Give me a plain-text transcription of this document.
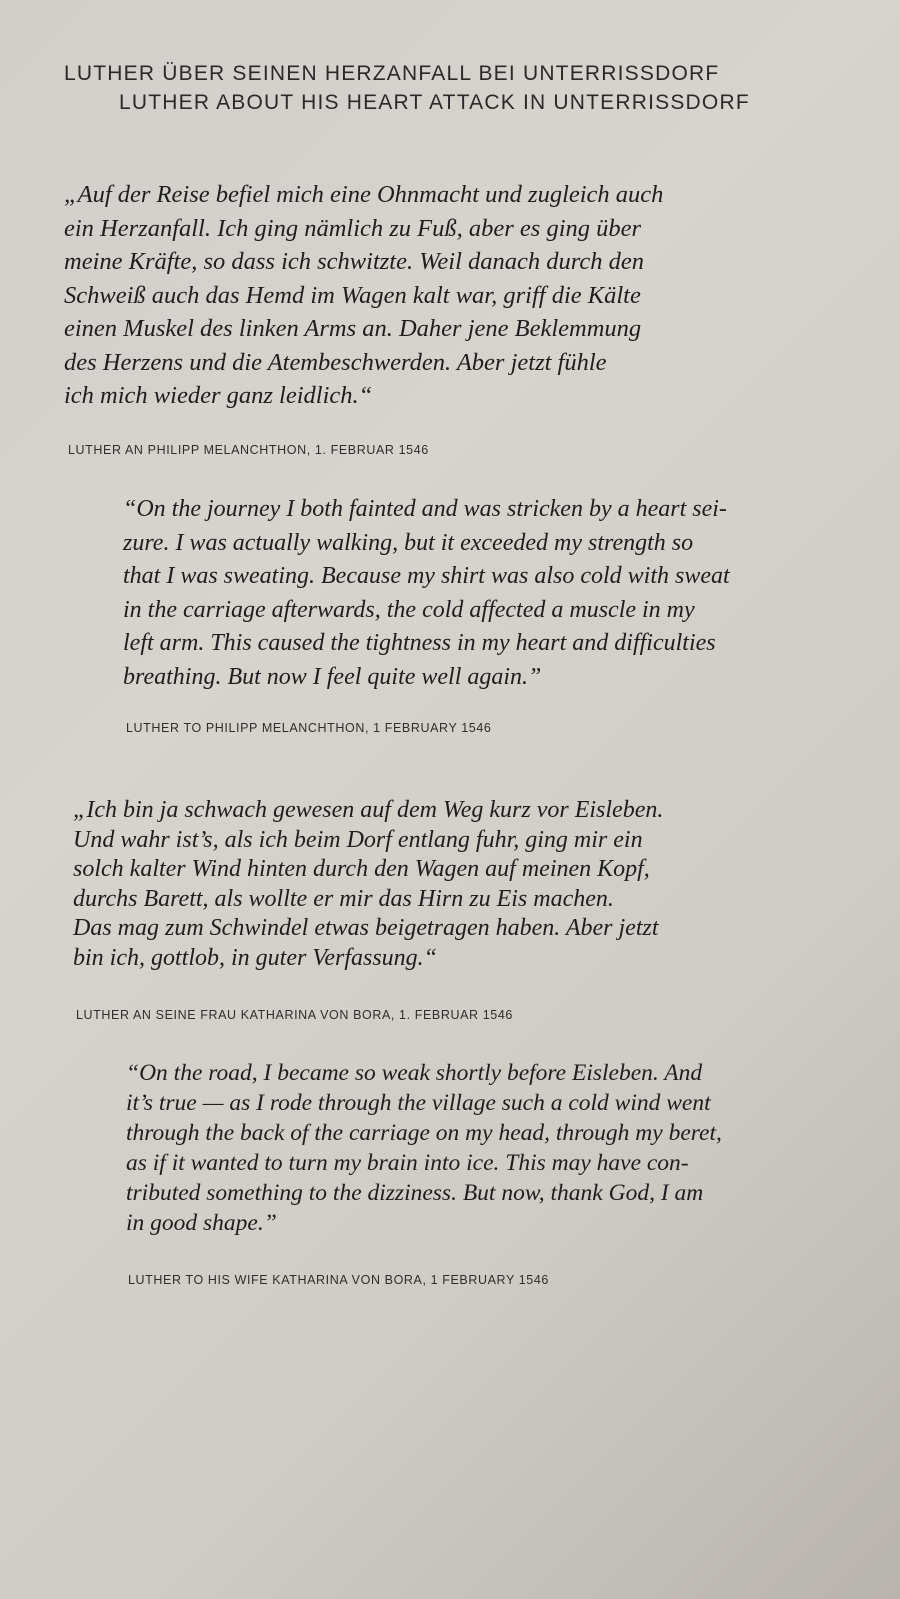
LUTHER ÜBER SEINEN HERZANFALL BEI UNTERRISSDORF
LUTHER ABOUT HIS HEART ATTACK IN UNTERRISSDORF
„Auf der Reise befiel mich eine Ohnmacht und zugleich auch
ein Herzanfall. Ich ging nämlich zu Fuß, aber es ging über
meine Kräfte, so dass ich schwitzte. Weil danach durch den
Schweiß auch das Hemd im Wagen kalt war, griff die Kälte
einen Muskel des linken Arms an. Daher jene Beklemmung
des Herzens und die Atembeschwerden. Aber jetzt fühle
ich mich wieder ganz leidlich.“
LUTHER AN PHILIPP MELANCHTHON, 1. FEBRUAR 1546
“On the journey I both fainted and was stricken by a heart sei-
zure. I was actually walking, but it exceeded my strength so
that I was sweating. Because my shirt was also cold with sweat
in the carriage afterwards, the cold affected a muscle in my
left arm. This caused the tightness in my heart and difficulties
breathing. But now I feel quite well again.”
LUTHER TO PHILIPP MELANCHTHON, 1 FEBRUARY 1546
„Ich bin ja schwach gewesen auf dem Weg kurz vor Eisleben.
Und wahr ist’s, als ich beim Dorf entlang fuhr, ging mir ein
solch kalter Wind hinten durch den Wagen auf meinen Kopf,
durchs Barett, als wollte er mir das Hirn zu Eis machen.
Das mag zum Schwindel etwas beigetragen haben. Aber jetzt
bin ich, gottlob, in guter Verfassung.“
LUTHER AN SEINE FRAU KATHARINA VON BORA, 1. FEBRUAR 1546
“On the road, I became so weak shortly before Eisleben. And
it’s true — as I rode through the village such a cold wind went
through the back of the carriage on my head, through my beret,
as if it wanted to turn my brain into ice. This may have con-
tributed something to the dizziness. But now, thank God, I am
in good shape.”
LUTHER TO HIS WIFE KATHARINA VON BORA, 1 FEBRUARY 1546
